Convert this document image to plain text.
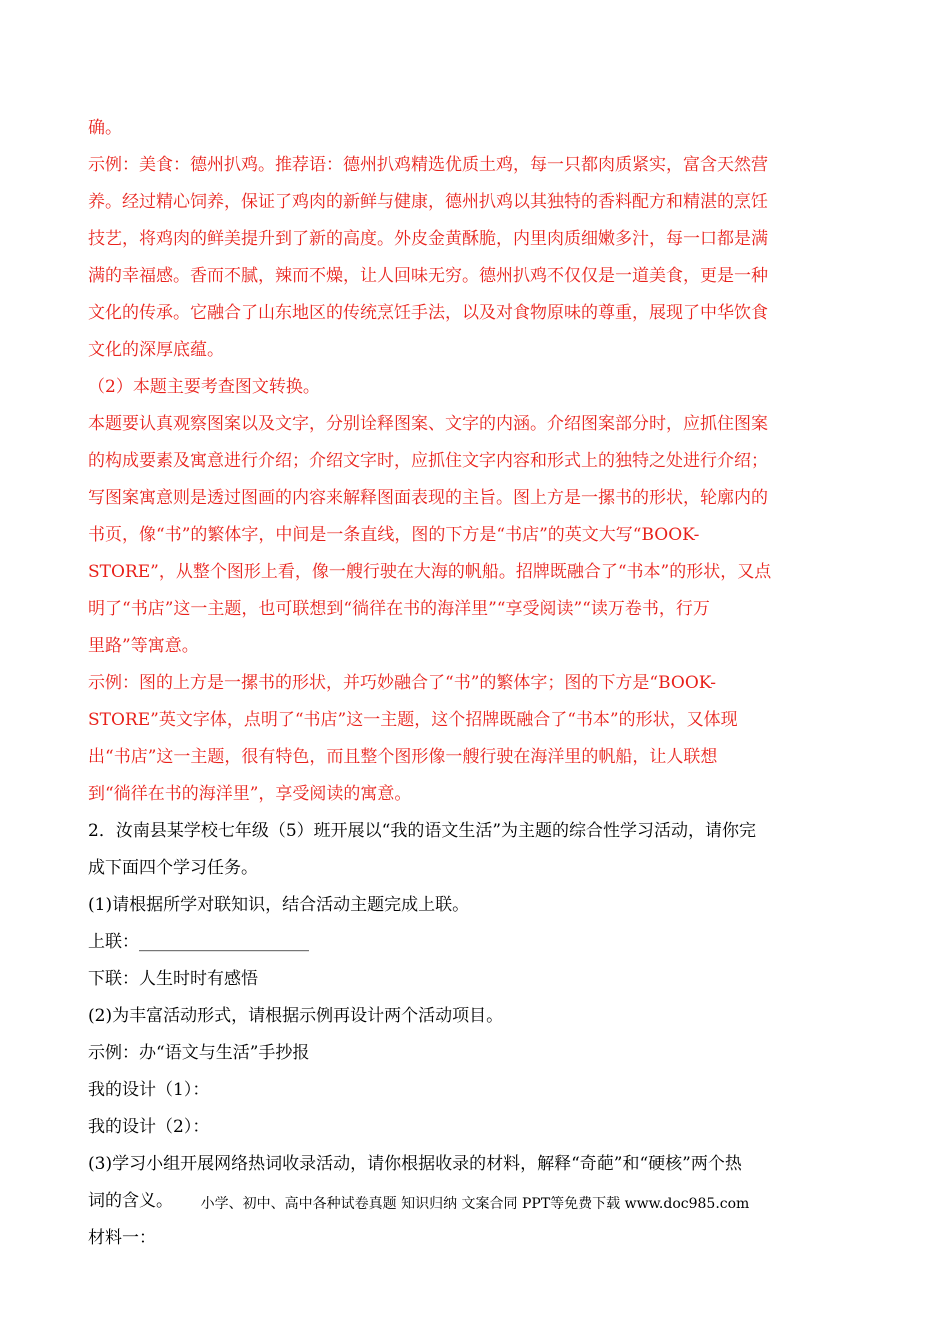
确。

示例：美食：德州扒鸡。推荐语：德州扒鸡精选优质土鸡，每一只都肉质紧实，富含天然营

养。经过精心饲养，保证了鸡肉的新鲜与健康，德州扒鸡以其独特的香料配方和精湛的烹饪

技艺，将鸡肉的鲜美提升到了新的高度。外皮金黄酥脆，内里肉质细嫩多汁，每一口都是满

满的幸福感。香而不腻，辣而不燥，让人回味无穷。德州扒鸡不仅仅是一道美食，更是一种

文化的传承。它融合了山东地区的传统烹饪手法，以及对食物原味的尊重，展现了中华饮食

文化的深厚底蕴。

（2）本题主要考查图文转换。

本题要认真观察图案以及文字，分别诠释图案、文字的内涵。介绍图案部分时，应抓住图案

的构成要素及寓意进行介绍；介绍文字时，应抓住文字内容和形式上的独特之处进行介绍；

写图案寓意则是透过图画的内容来解释图面表现的主旨。图上方是一摞书的形状，轮廓内的

书页，像“书”的繁体字，中间是一条直线，图的下方是“书店”的英文大写“BOOK-

STORE”，从整个图形上看，像一艘行驶在大海的帆船。招牌既融合了“书本”的形状，又点

明了“书店”这一主题，也可联想到“徜徉在书的海洋里”“享受阅读”“读万卷书，行万

里路”等寓意。

示例：图的上方是一摞书的形状，并巧妙融合了“书”的繁体字；图的下方是“BOOK-

STORE”英文字体，点明了“书店”这一主题，这个招牌既融合了“书本”的形状，又体现

出“书店”这一主题，很有特色，而且整个图形像一艘行驶在海洋里的帆船，让人联想

到“徜徉在书的海洋里”，享受阅读的寓意。

2．汝南县某学校七年级（5）班开展以“我的语文生活”为主题的综合性学习活动，请你完

成下面四个学习任务。

(1)请根据所学对联知识，结合活动主题完成上联。

上联：____________________

下联：人生时时有感悟

(2)为丰富活动形式，请根据示例再设计两个活动项目。

示例：办“语文与生活”手抄报

我的设计（1）：

我的设计（2）：

(3)学习小组开展网络热词收录活动，请你根据收录的材料，解释“奇葩”和“硬核”两个热

词的含义。

材料一：

小学、初中、高中各种试卷真题 知识归纳 文案合同 PPT等免费下载 www.doc985.com
